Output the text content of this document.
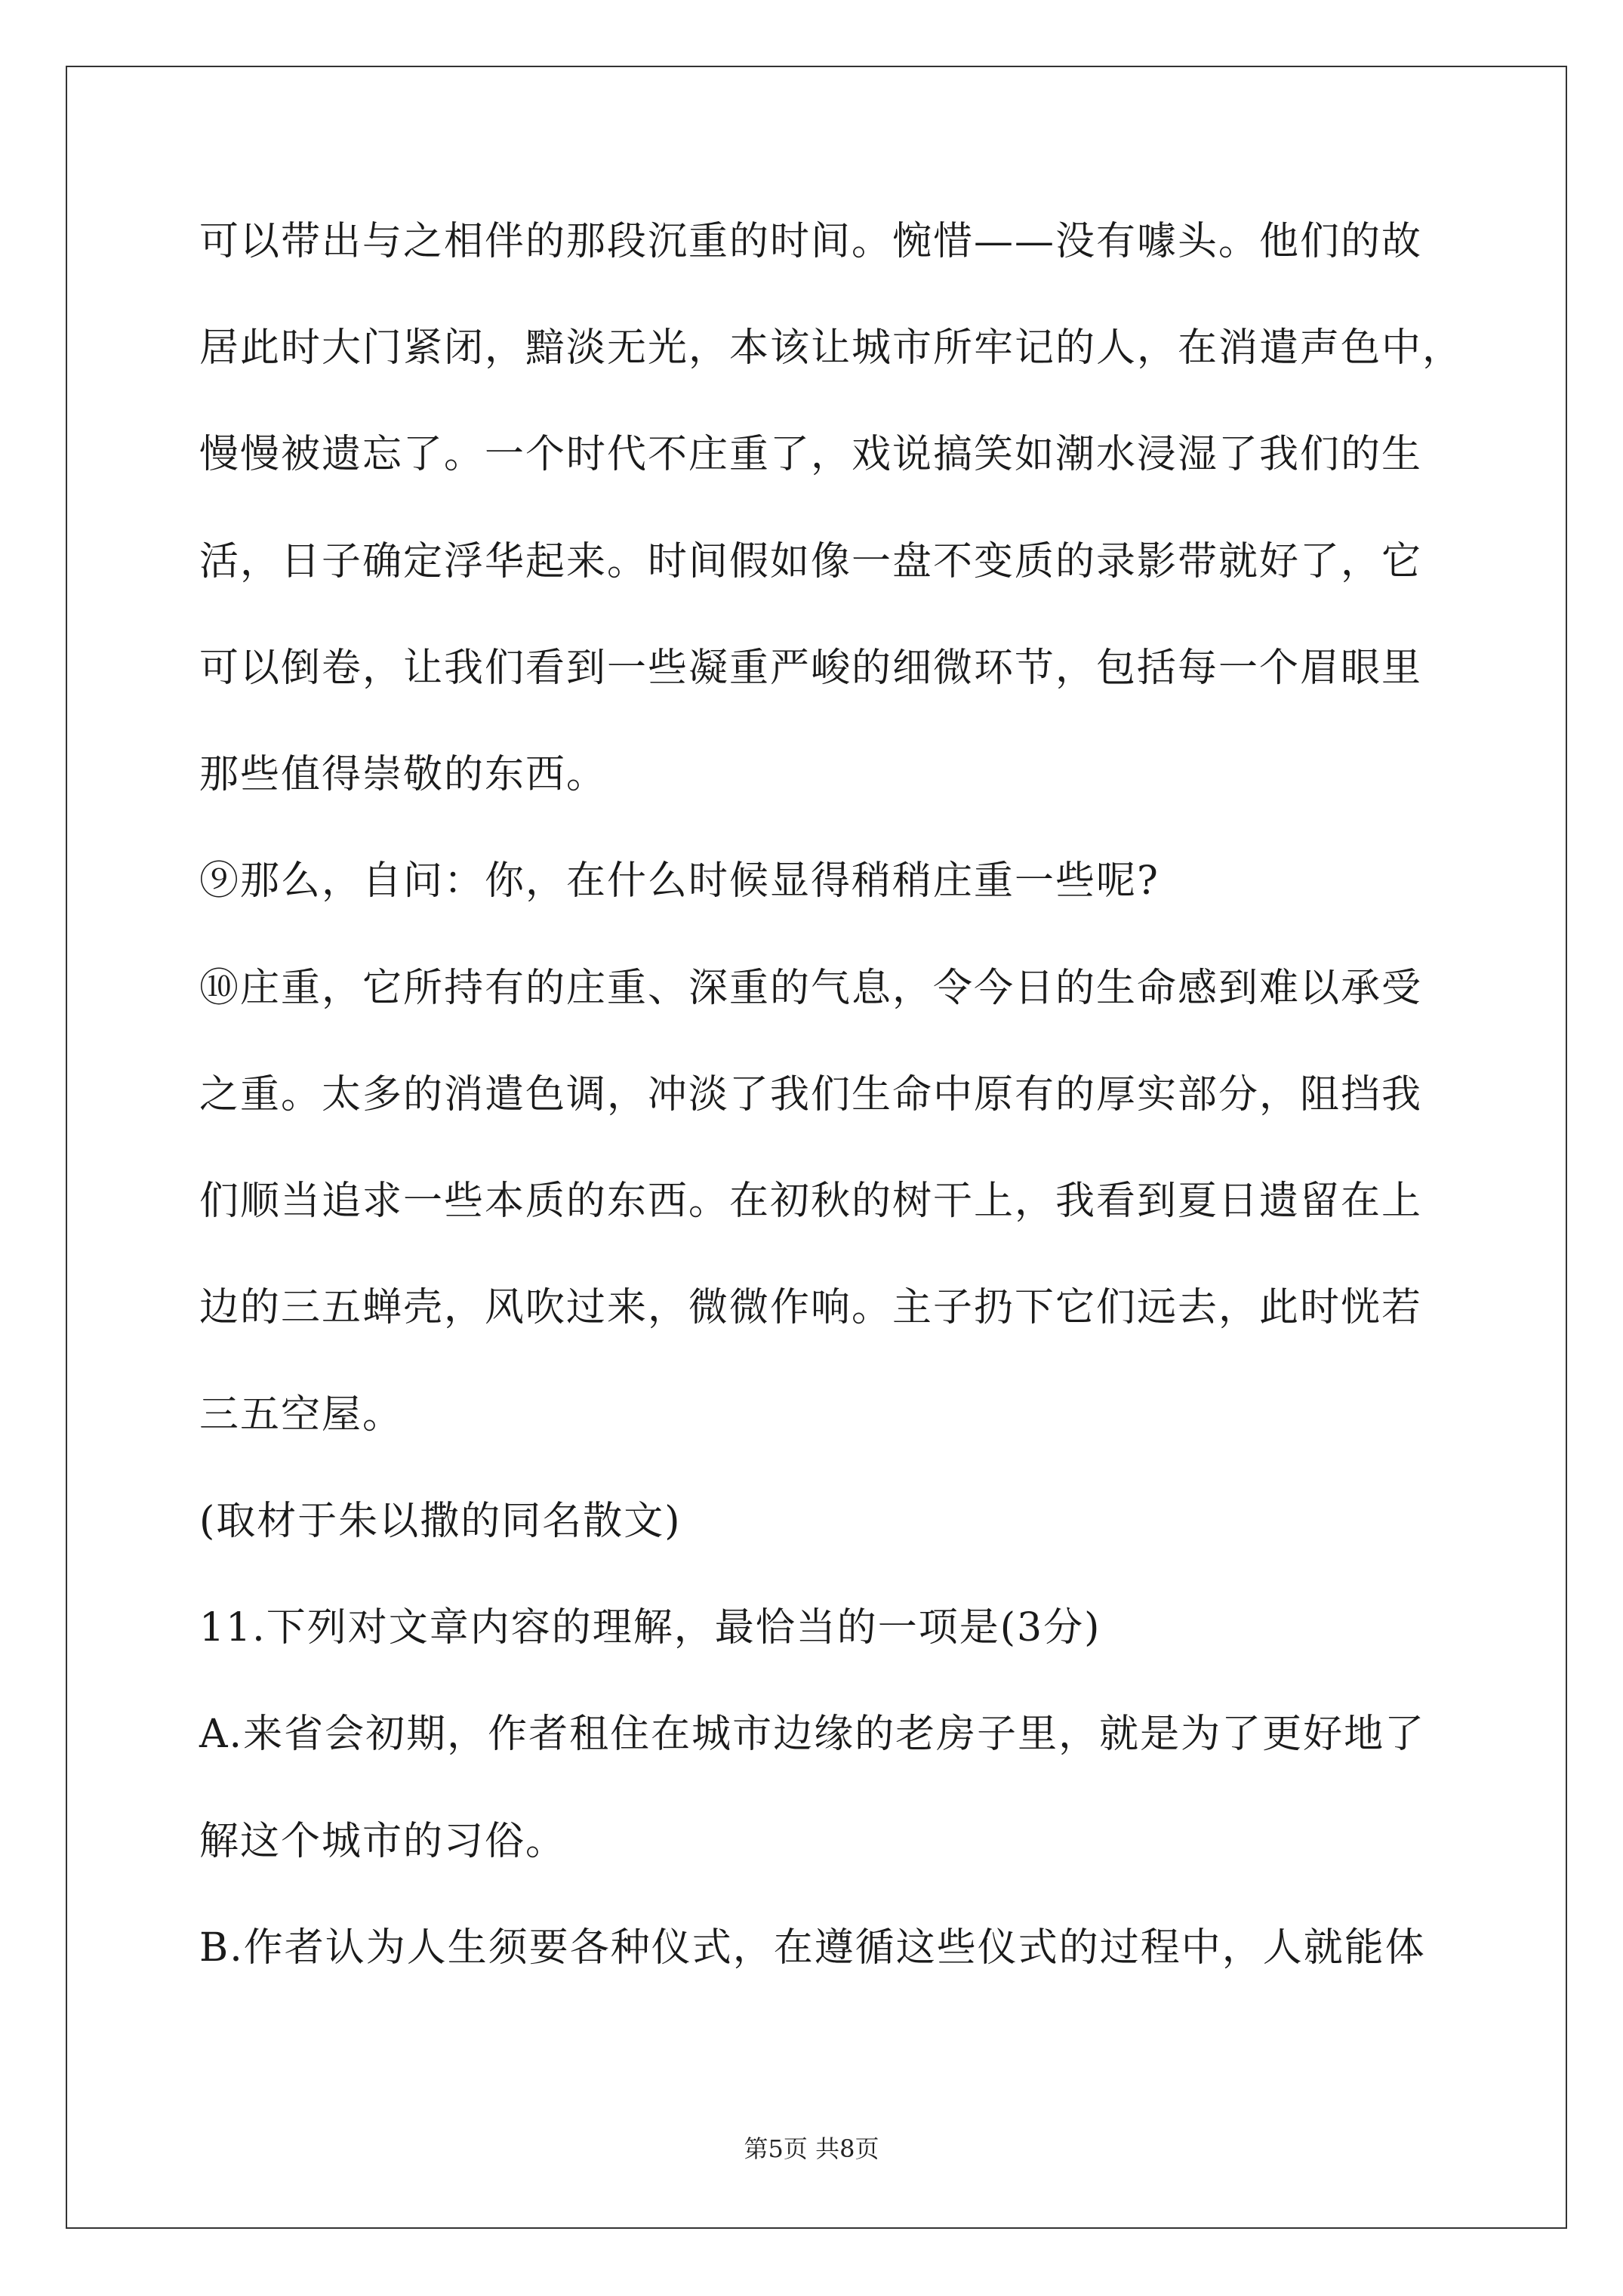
可以带出与之相伴的那段沉重的时间。惋惜——没有噱头。他们的故
居此时大门紧闭，黯淡无光，本该让城市所牢记的人，在消遣声色中，
慢慢被遗忘了。一个时代不庄重了，戏说搞笑如潮水浸湿了我们的生
活，日子确定浮华起来。时间假如像一盘不变质的录影带就好了，它
可以倒卷，让我们看到一些凝重严峻的细微环节，包括每一个眉眼里
那些值得崇敬的东西。
⑨那么，自问：你，在什么时候显得稍稍庄重一些呢?
⑩庄重，它所持有的庄重、深重的气息，令今日的生命感到难以承受
之重。太多的消遣色调，冲淡了我们生命中原有的厚实部分，阻挡我
们顺当追求一些本质的东西。在初秋的树干上，我看到夏日遗留在上
边的三五蝉壳，风吹过来，微微作响。主子扔下它们远去，此时恍若
三五空屋。
(取材于朱以撒的同名散文)
11.下列对文章内容的理解，最恰当的一项是(3分)
A.来省会初期，作者租住在城市边缘的老房子里，就是为了更好地了
解这个城市的习俗。
B.作者认为人生须要各种仪式，在遵循这些仪式的过程中，人就能体
第5页 共8页
